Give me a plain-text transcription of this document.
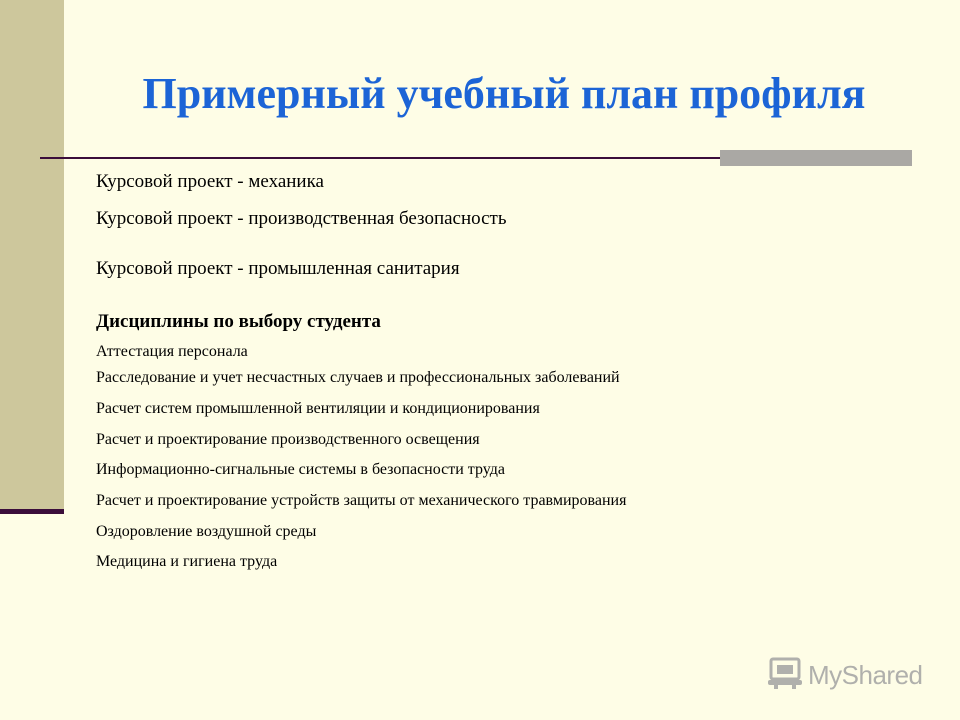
Примерный учебный план профиля
Курсовой проект - механика
Курсовой проект - производственная безопасность
Курсовой проект - промышленная санитария
Дисциплины по выбору студента
Аттестация персонала
Расследование и учет несчастных случаев и профессиональных заболеваний
Расчет систем промышленной вентиляции и кондиционирования
Расчет и проектирование производственного освещения
Информационно-сигнальные системы в безопасности труда
Расчет и проектирование устройств защиты от механического травмирования
Оздоровление воздушной среды
Медицина и гигиена труда
MyShared
